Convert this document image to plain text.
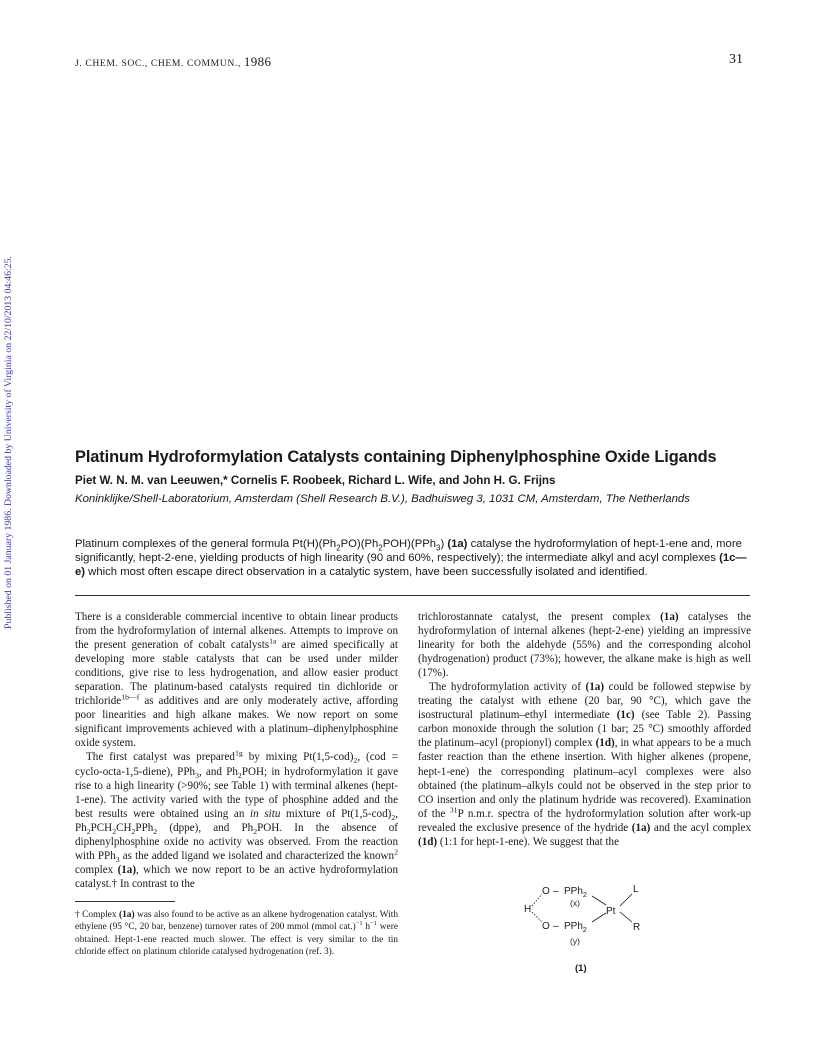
J. CHEM. SOC., CHEM. COMMUN., 1986	31
Published on 01 January 1986. Downloaded by University of Virginia on 22/10/2013 04:46:25.	Platinum Hydroformylation Catalysts containing Diphenylphosphine Oxide Ligands
Piet W. N. M. van Leeuwen,* Cornelis F. Roobeek, Richard L. Wife, and John H. G. Frijns
Koninklijke/Shell-Laboratorium, Amsterdam (Shell Research B.V.), Badhuisweg 3, 1031 CM, Amsterdam, The Netherlands
Platinum complexes of the general formula $Pt(H)(Ph_2PO)(Ph_2POH)(PPh_3)$ (1a) catalyse the hydroformylation of hept-1-ene and, more significantly, hept-2-ene, yielding products of high linearity (90 and 60%, respectively); the intermediate alkyl and acyl complexes (1c—e) which most often escape direct observation in a catalytic system, have been successfully isolated and identified.

There is a considerable commercial incentive to obtain linear products from the hydroformylation of internal alkenes. Attempts to improve on the present generation of cobalt catalysts$^{1a}$ are aimed specifically at developing more stable catalysts that can be used under milder conditions, give rise to less hydrogenation, and allow easier product separation. The platinum-based catalysts required tin dichloride or trichloride$^{1b—f}$ as additives and are only moderately active, affording poor linearities and high alkane makes. We now report on some significant improvements achieved with a platinum–diphenylphosphine oxide system.

The first catalyst was prepared$^{1g}$ by mixing $Pt(1,5-cod)_2$, (cod = cyclo-octa-1,5-diene), PPh$_3$, and $Ph_2POH$; in hydroformylation it gave rise to a high linearity (>90%; see Table 1) with terminal alkenes (hept-1-ene). The activity varied with the type of phosphine added and the best results were obtained using an in situ mixture of $Pt(1,5-cod)_2$, $Ph_2PCH_2CH_2PPh_2$ (dppe), and $Ph_2POH$. In the absence of diphenylphosphine oxide no activity was observed. From the reaction with PPh$_3$ as the added ligand we isolated and characterized the known$^2$ complex (1a), which we now report to be an active hydroformylation catalyst.† In contrast to the

trichlorostannate catalyst, the present complex (1a) catalyses the hydroformylation of internal alkenes (hept-2-ene) yielding an impressive linearity for both the aldehyde (55%) and the corresponding alcohol (hydrogenation) product (73%); however, the alkane make is high as well (17%).

The hydroformylation activity of (1a) could be followed stepwise by treating the catalyst with ethene (20 bar, 90 °C), which gave the isostructural platinum–ethyl intermediate (1c) (see Table 2). Passing carbon monoxide through the solution (1 bar; 25 °C) smoothly afforded the platinum–acyl (propionyl) complex (1d), in what appears to be a much faster reaction than the ethene insertion. With higher alkenes (propene, hept-1-ene) the corresponding platinum–acyl complexes were also obtained (the platinum–alkyls could not be observed in the step prior to CO insertion and only the platinum hydride was recovered). Examination of the $^{31}$P n.m.r. spectra of the hydroformylation solution after work-up revealed the exclusive presence of the hydride (1a) and the acyl complex (1d) (1:1 for hept-1-ene). We suggest that the

† Complex (1a) was also found to be active as an alkene hydrogenation catalyst. With ethylene (95 °C, 20 bar, benzene) turnover rates of 200 mmol (mmol cat.)$^{-1}$ $h^{-1}$ were obtained. Hept-1-ene reacted much slower. The effect is very similar to the tin chloride effect on platinum chloride catalysed hydrogenation (ref. 3).
H
O – PPh$_2$
(x)
Pt
L
R
O – PPh$_2$
(y)
(1)
